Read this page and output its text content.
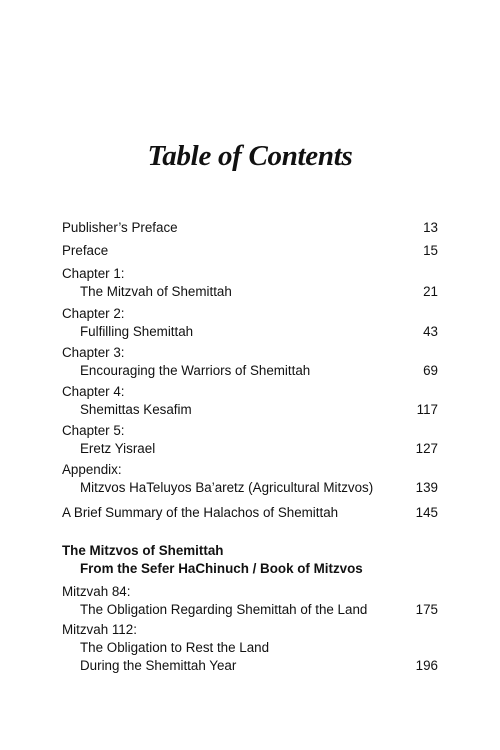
Table of Contents
Publisher’s Preface	13
Preface	15
Chapter 1:
The Mitzvah of Shemittah	21
Chapter 2:
Fulfilling Shemittah	43
Chapter 3:
Encouraging the Warriors of Shemittah	69
Chapter 4:
Shemittas Kesafim	117
Chapter 5:
Eretz Yisrael	127
Appendix:
Mitzvos HaTeluyos Ba’aretz (Agricultural Mitzvos)	139
A Brief Summary of the Halachos of Shemittah	145
The Mitzvos of Shemittah
From the Sefer HaChinuch / Book of Mitzvos
Mitzvah 84:
The Obligation Regarding Shemittah of the Land	175
Mitzvah 112:
The Obligation to Rest the Land
During the Shemittah Year	196
